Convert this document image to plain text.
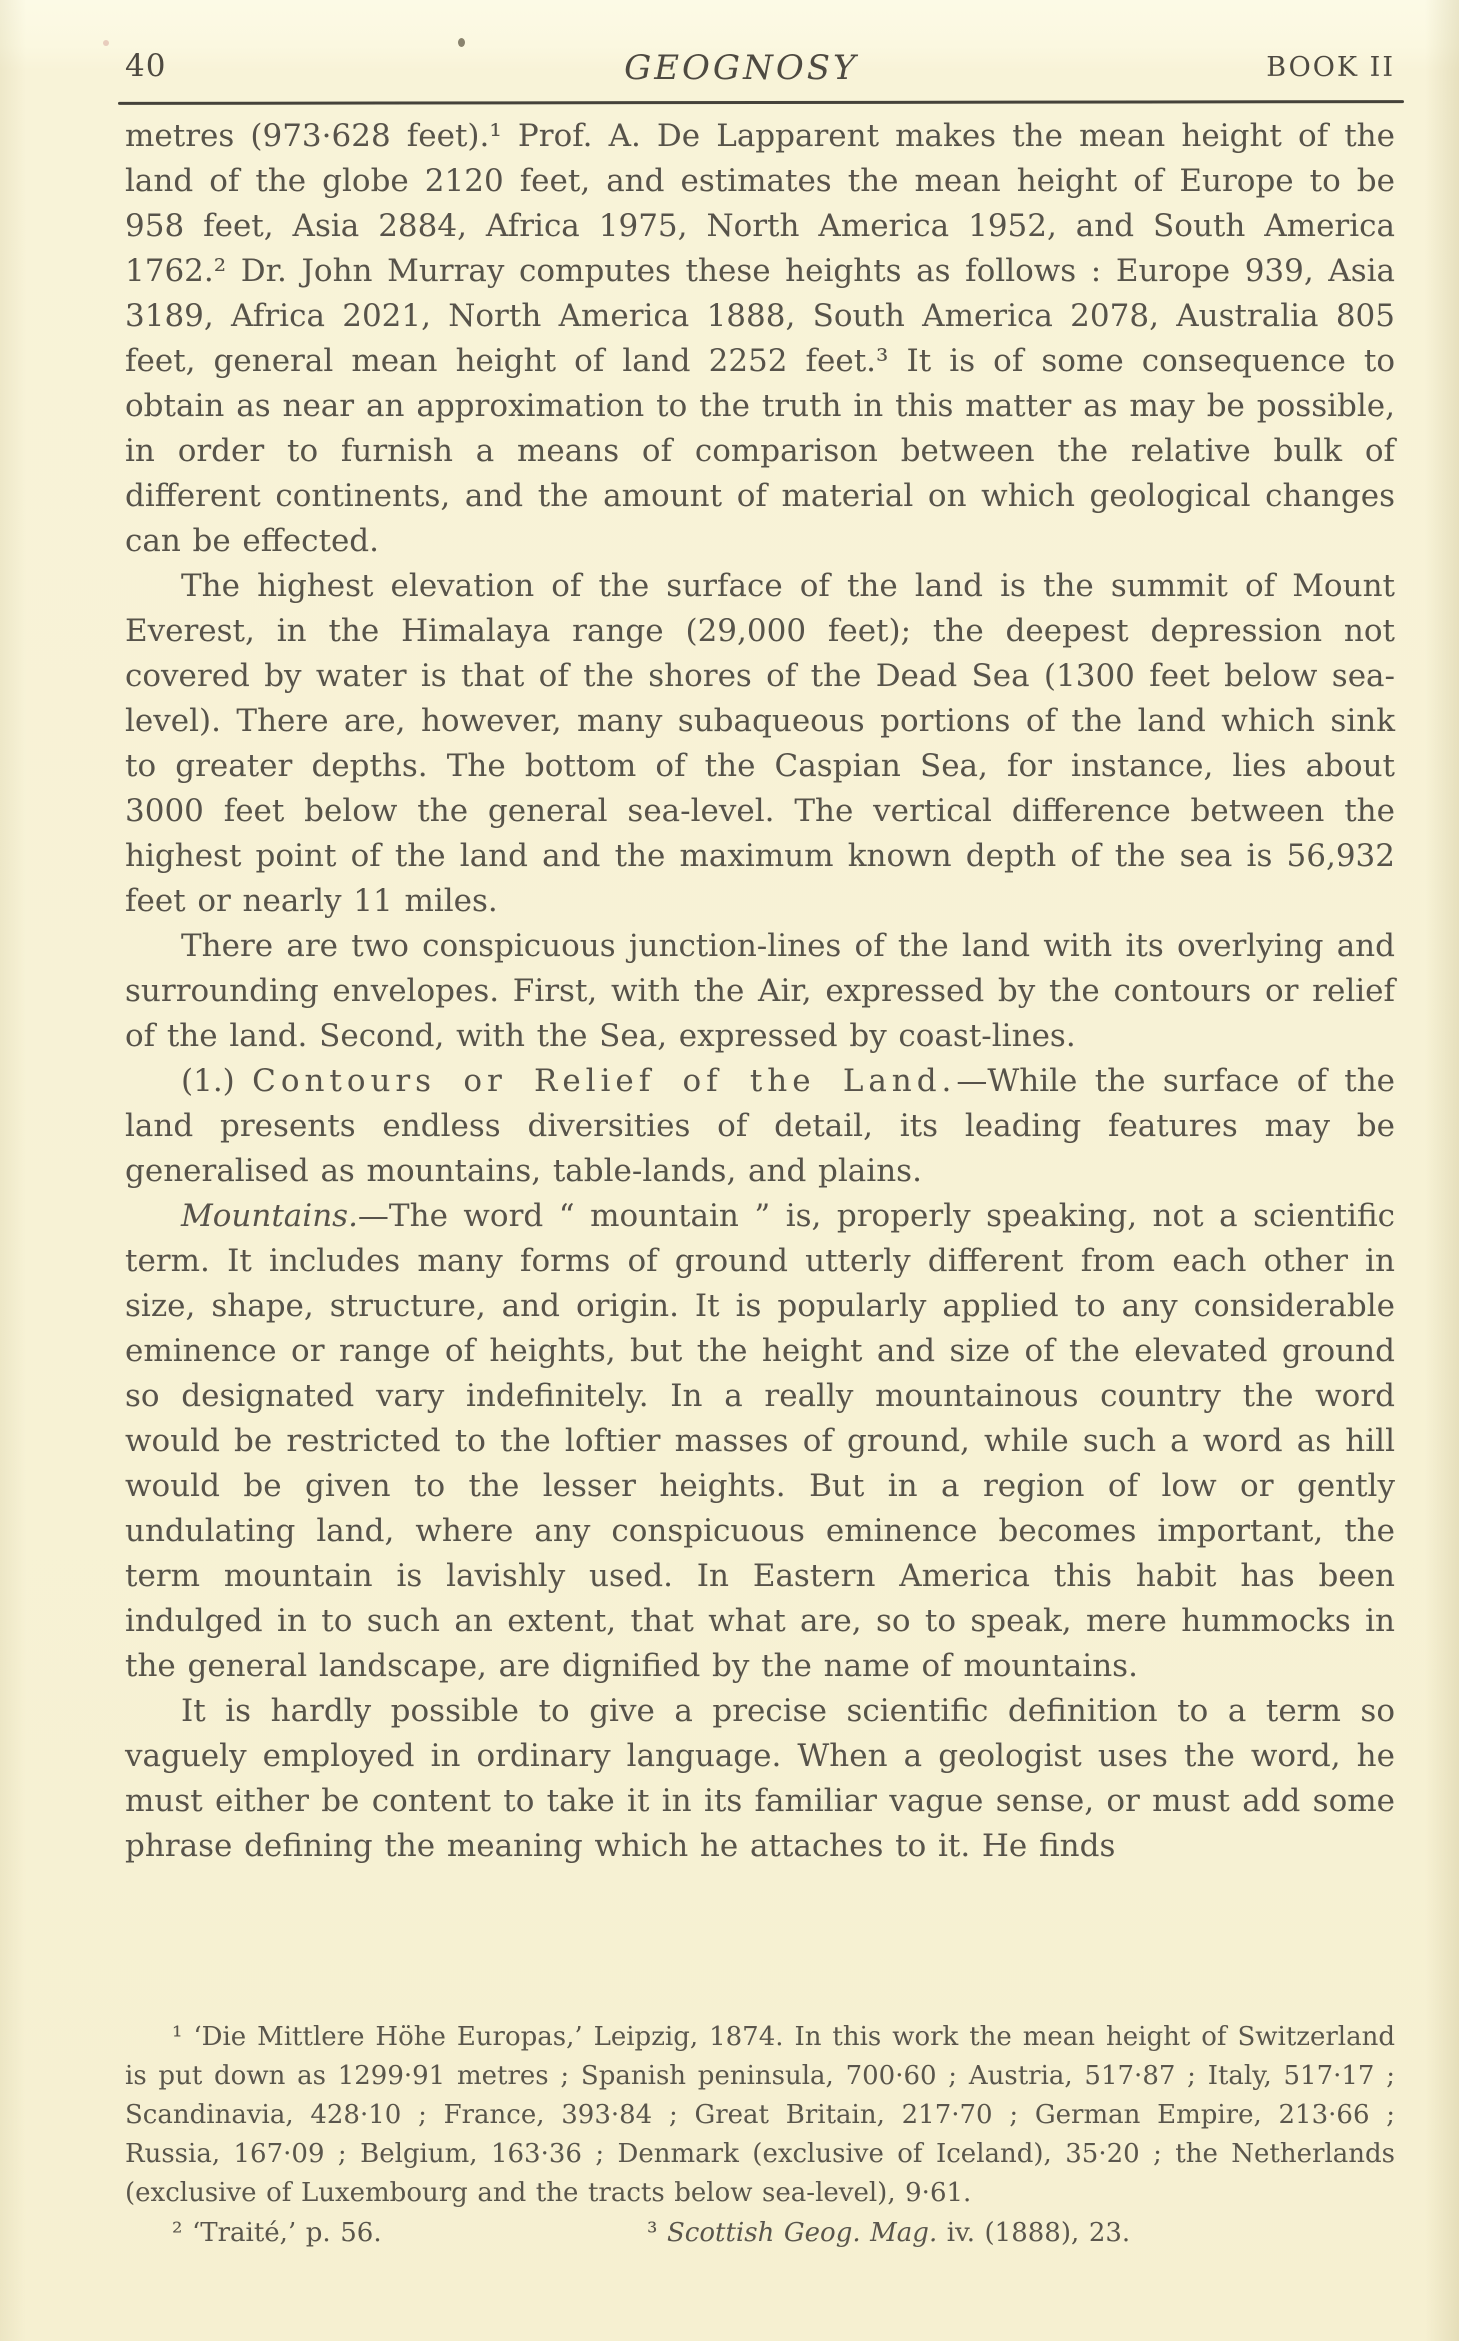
40	GEOGNOSY	BOOK II

metres (973·628 feet).¹ Prof. A. De Lapparent makes the mean height of the land of the globe 2120 feet, and estimates the mean height of Europe to be 958 feet, Asia 2884, Africa 1975, North America 1952, and South America 1762.² Dr. John Murray computes these heights as follows : Europe 939, Asia 3189, Africa 2021, North America 1888, South America 2078, Australia 805 feet, general mean height of land 2252 feet.³ It is of some consequence to obtain as near an approximation to the truth in this matter as may be possible, in order to furnish a means of comparison between the relative bulk of different continents, and the amount of material on which geological changes can be effected.

The highest elevation of the surface of the land is the summit of Mount Everest, in the Himalaya range (29,000 feet); the deepest depression not covered by water is that of the shores of the Dead Sea (1300 feet below sea-level). There are, however, many subaqueous portions of the land which sink to greater depths. The bottom of the Caspian Sea, for instance, lies about 3000 feet below the general sea-level. The vertical difference between the highest point of the land and the maximum known depth of the sea is 56,932 feet or nearly 11 miles.

There are two conspicuous junction-lines of the land with its overlying and surrounding envelopes. First, with the Air, expressed by the contours or relief of the land. Second, with the Sea, expressed by coast-lines.

(1.) Contours or Relief of the Land.—While the surface of the land presents endless diversities of detail, its leading features may be generalised as mountains, table-lands, and plains.

Mountains.—The word “ mountain ” is, properly speaking, not a scientific term. It includes many forms of ground utterly different from each other in size, shape, structure, and origin. It is popularly applied to any considerable eminence or range of heights, but the height and size of the elevated ground so designated vary indefinitely. In a really mountainous country the word would be restricted to the loftier masses of ground, while such a word as hill would be given to the lesser heights. But in a region of low or gently undulating land, where any conspicuous eminence becomes important, the term mountain is lavishly used. In Eastern America this habit has been indulged in to such an extent, that what are, so to speak, mere hummocks in the general landscape, are dignified by the name of mountains.

It is hardly possible to give a precise scientific definition to a term so vaguely employed in ordinary language. When a geologist uses the word, he must either be content to take it in its familiar vague sense, or must add some phrase defining the meaning which he attaches to it. He finds

¹ ‘Die Mittlere Höhe Europas,’ Leipzig, 1874. In this work the mean height of Switzerland is put down as 1299·91 metres ; Spanish peninsula, 700·60 ; Austria, 517·87 ; Italy, 517·17 ; Scandinavia, 428·10 ; France, 393·84 ; Great Britain, 217·70 ; German Empire, 213·66 ; Russia, 167·09 ; Belgium, 163·36 ; Denmark (exclusive of Iceland), 35·20 ; the Netherlands (exclusive of Luxembourg and the tracts below sea-level), 9·61.

² ‘Traité,’ p. 56.	³ Scottish Geog. Mag. iv. (1888), 23.
